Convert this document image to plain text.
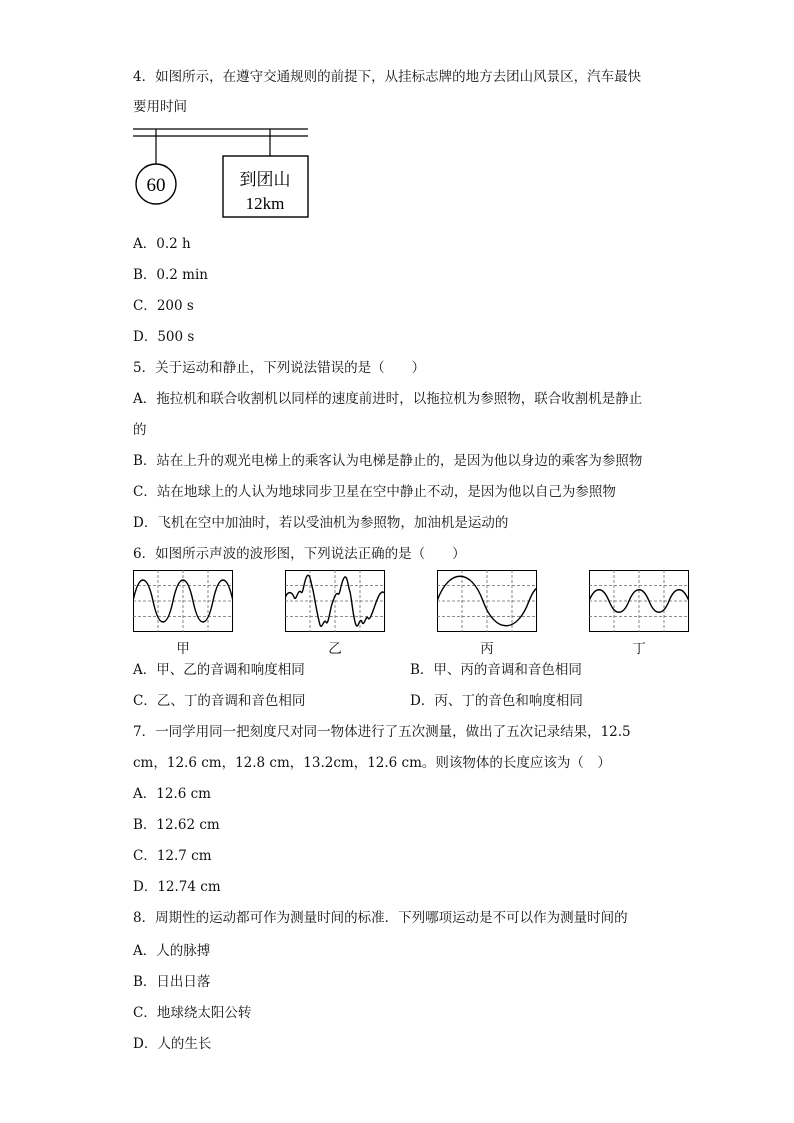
4．如图所示，在遵守交通规则的前提下，从挂标志牌的地方去团山风景区，汽车最快
要用时间
60	到团山
12km
A．0.2 h
B．0.2 min
C．200 s
D．500 s
5．关于运动和静止，下列说法错误的是（　　）
A．拖拉机和联合收割机以同样的速度前进时，以拖拉机为参照物，联合收割机是静止
的
B．站在上升的观光电梯上的乘客认为电梯是静止的，是因为他以身边的乘客为参照物
C．站在地球上的人认为地球同步卫星在空中静止不动，是因为他以自己为参照物
D．飞机在空中加油时，若以受油机为参照物，加油机是运动的
6．如图所示声波的波形图，下列说法正确的是（　　）
甲	乙	丙	丁
A．甲、乙的音调和响度相同	B．甲、丙的音调和音色相同
C．乙、丁的音调和音色相同	D．丙、丁的音色和响度相同
7．一同学用同一把刻度尺对同一物体进行了五次测量，做出了五次记录结果，12.5
cm，12.6 cm，12.8 cm，13.2cm，12.6 cm。则该物体的长度应该为（　）
A．12.6 cm
B．12.62 cm
C．12.7 cm
D．12.74 cm
8．周期性的运动都可作为测量时间的标准．下列哪项运动是不可以作为测量时间的
A．人的脉搏
B．日出日落
C．地球绕太阳公转
D．人的生长
